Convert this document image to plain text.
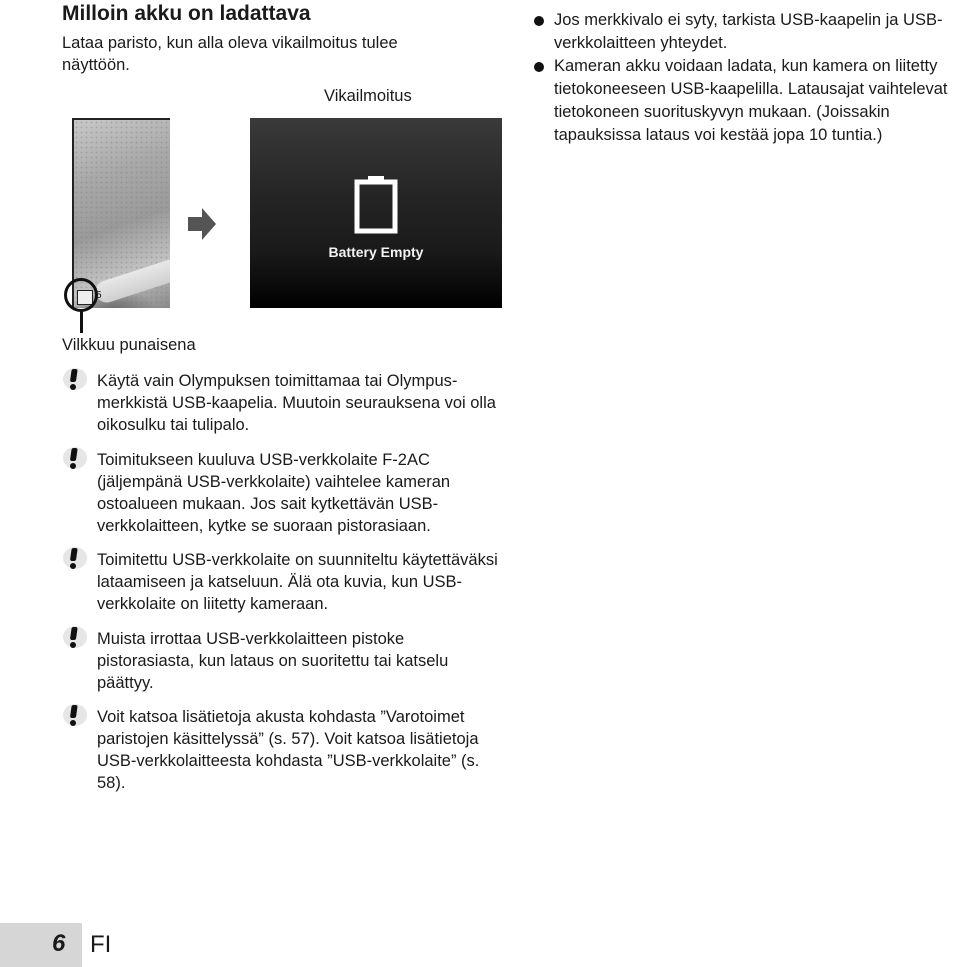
Milloin akku on ladattava
Lataa paristo, kun alla oleva vikailmoitus tulee näyttöön.
Vikailmoitus
5
Battery Empty
Vilkkuu punaisena
Käytä vain Olympuksen toimittamaa tai Olympus-merkkistä USB-kaapelia. Muutoin seurauksena voi olla oikosulku tai tulipalo.
Toimitukseen kuuluva USB-verkkolaite F-2AC (jäljempänä USB-verkkolaite) vaihtelee kameran ostoalueen mukaan. Jos sait kytkettävän USB-verkkolaitteen, kytke se suoraan pistorasiaan.
Toimitettu USB-verkkolaite on suunniteltu käytettäväksi lataamiseen ja katseluun. Älä ota kuvia, kun USB-verkkolaite on liitetty kameraan.
Muista irrottaa USB-verkkolaitteen pistoke pistorasiasta, kun lataus on suoritettu tai katselu päättyy.
Voit katsoa lisätietoja akusta kohdasta ”Varotoimet paristojen käsittelyssä” (s. 57). Voit katsoa lisätietoja USB-verkkolaitteesta kohdasta ”USB-verkkolaite” (s. 58).
Jos merkkivalo ei syty, tarkista USB-kaapelin ja USB-verkkolaitteen yhteydet.
Kameran akku voidaan ladata, kun kamera on liitetty tietokoneeseen USB-kaapelilla. Latausajat vaihtelevat tietokoneen suorituskyvyn mukaan. (Joissakin tapauksissa lataus voi kestää jopa 10 tuntia.)
6 FI
